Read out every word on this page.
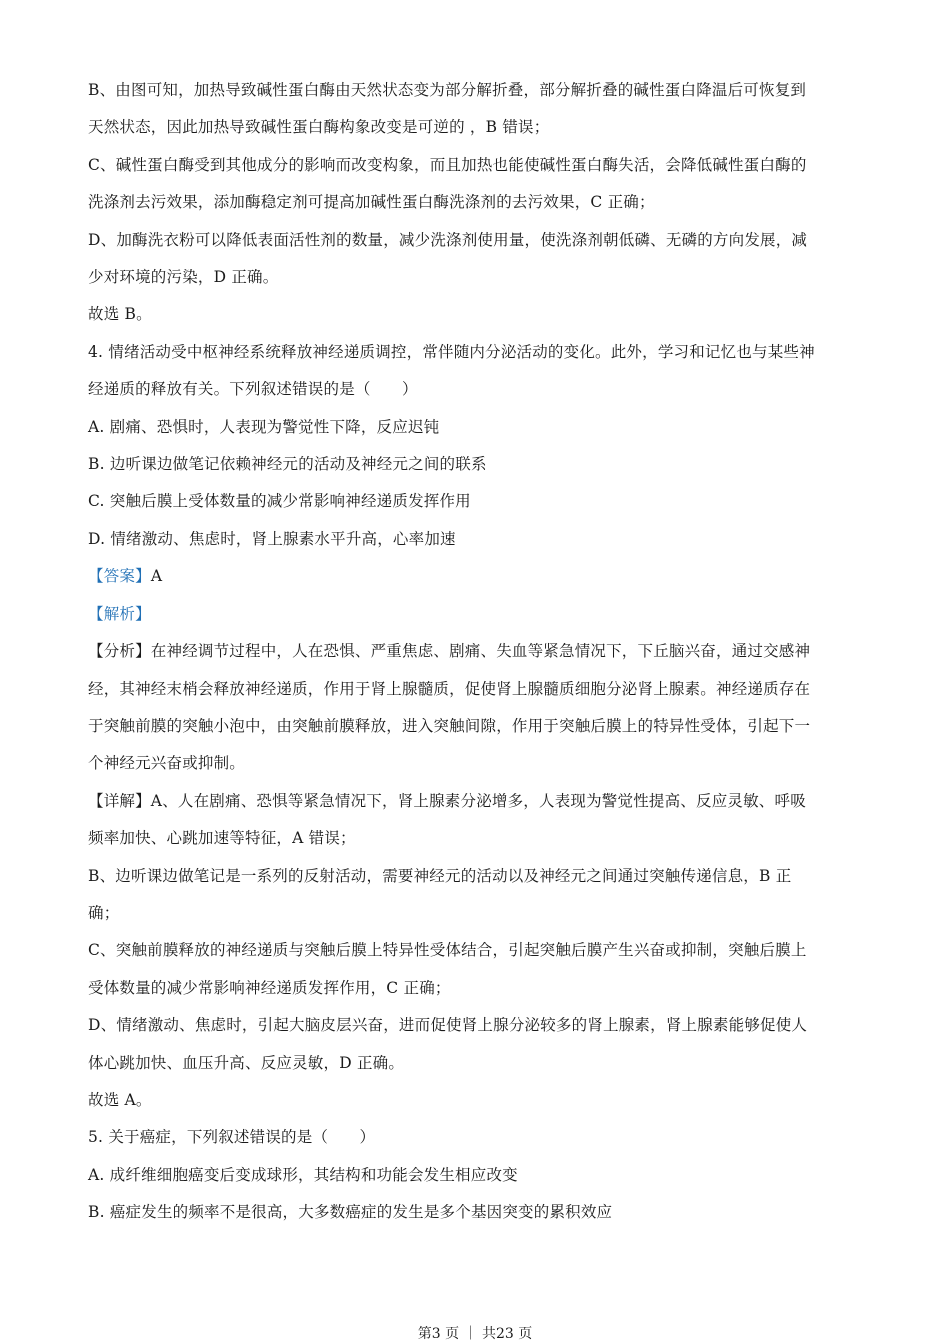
B、由图可知，加热导致碱性蛋白酶由天然状态变为部分解折叠，部分解折叠的碱性蛋白降温后可恢复到
天然状态，因此加热导致碱性蛋白酶构象改变是可逆的 ，B 错误；
C、碱性蛋白酶受到其他成分的影响而改变构象，而且加热也能使碱性蛋白酶失活，会降低碱性蛋白酶的
洗涤剂去污效果，添加酶稳定剂可提高加碱性蛋白酶洗涤剂的去污效果，C 正确；
D、加酶洗衣粉可以降低表面活性剂的数量，减少洗涤剂使用量，使洗涤剂朝低磷、无磷的方向发展，减
少对环境的污染，D 正确。
故选 B。
4. 情绪活动受中枢神经系统释放神经递质调控，常伴随内分泌活动的变化。此外，学习和记忆也与某些神
经递质的释放有关。下列叙述错误的是（　　）
A. 剧痛、恐惧时，人表现为警觉性下降，反应迟钝
B. 边听课边做笔记依赖神经元的活动及神经元之间的联系
C. 突触后膜上受体数量的减少常影响神经递质发挥作用
D. 情绪激动、焦虑时，肾上腺素水平升高，心率加速
【答案】A
【解析】
【分析】在神经调节过程中，人在恐惧、严重焦虑、剧痛、失血等紧急情况下，下丘脑兴奋，通过交感神
经，其神经末梢会释放神经递质，作用于肾上腺髓质，促使肾上腺髓质细胞分泌肾上腺素。神经递质存在
于突触前膜的突触小泡中，由突触前膜释放，进入突触间隙，作用于突触后膜上的特异性受体，引起下一
个神经元兴奋或抑制。
【详解】A、人在剧痛、恐惧等紧急情况下，肾上腺素分泌增多，人表现为警觉性提高、反应灵敏、呼吸
频率加快、心跳加速等特征，A 错误；
B、边听课边做笔记是一系列的反射活动，需要神经元的活动以及神经元之间通过突触传递信息，B 正
确；
C、突触前膜释放的神经递质与突触后膜上特异性受体结合，引起突触后膜产生兴奋或抑制，突触后膜上
受体数量的减少常影响神经递质发挥作用，C 正确；
D、情绪激动、焦虑时，引起大脑皮层兴奋，进而促使肾上腺分泌较多的肾上腺素，肾上腺素能够促使人
体心跳加快、血压升高、反应灵敏，D 正确。
故选 A。
5. 关于癌症，下列叙述错误的是（　　）
A. 成纤维细胞癌变后变成球形，其结构和功能会发生相应改变
B. 癌症发生的频率不是很高，大多数癌症的发生是多个基因突变的累积效应
第3 页 ｜ 共23 页
